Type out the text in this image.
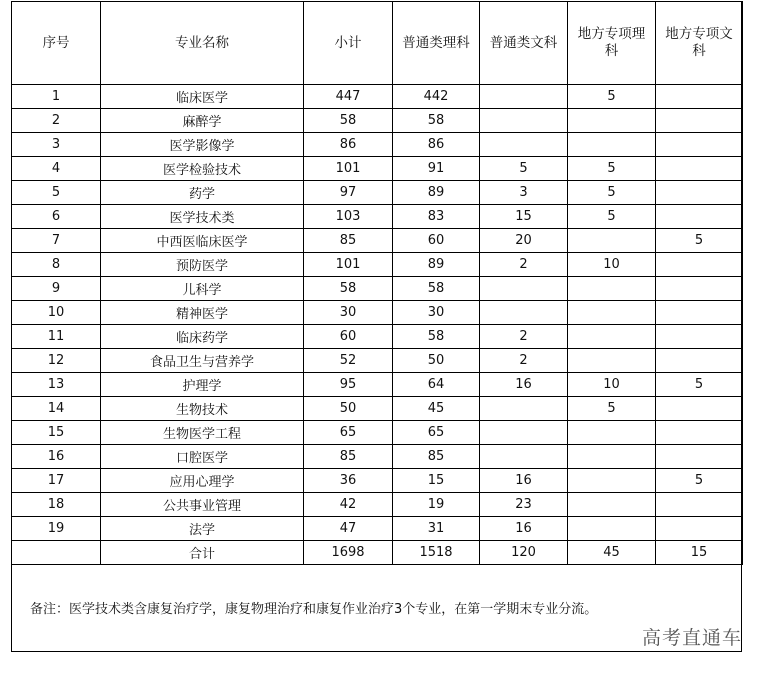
序号	专业名称	小计	普通类理科	普通类文科	地方专项理科	地方专项文科
1	临床医学	447	442		5	
2	麻醉学	58	58			
3	医学影像学	86	86			
4	医学检验技术	101	91	5	5	
5	药学	97	89	3	5	
6	医学技术类	103	83	15	5	
7	中西医临床医学	85	60	20		5
8	预防医学	101	89	2	10	
9	儿科学	58	58			
10	精神医学	30	30			
11	临床药学	60	58	2		
12	食品卫生与营养学	52	50	2		
13	护理学	95	64	16	10	5
14	生物技术	50	45		5	
15	生物医学工程	65	65			
16	口腔医学	85	85			
17	应用心理学	36	15	16		5
18	公共事业管理	42	19	23		
19	法学	47	31	16		
	合计	1698	1518	120	45	15
备注：医学技术类含康复治疗学，康复物理治疗和康复作业治疗3个专业，在第一学期末专业分流。
高考直通车
